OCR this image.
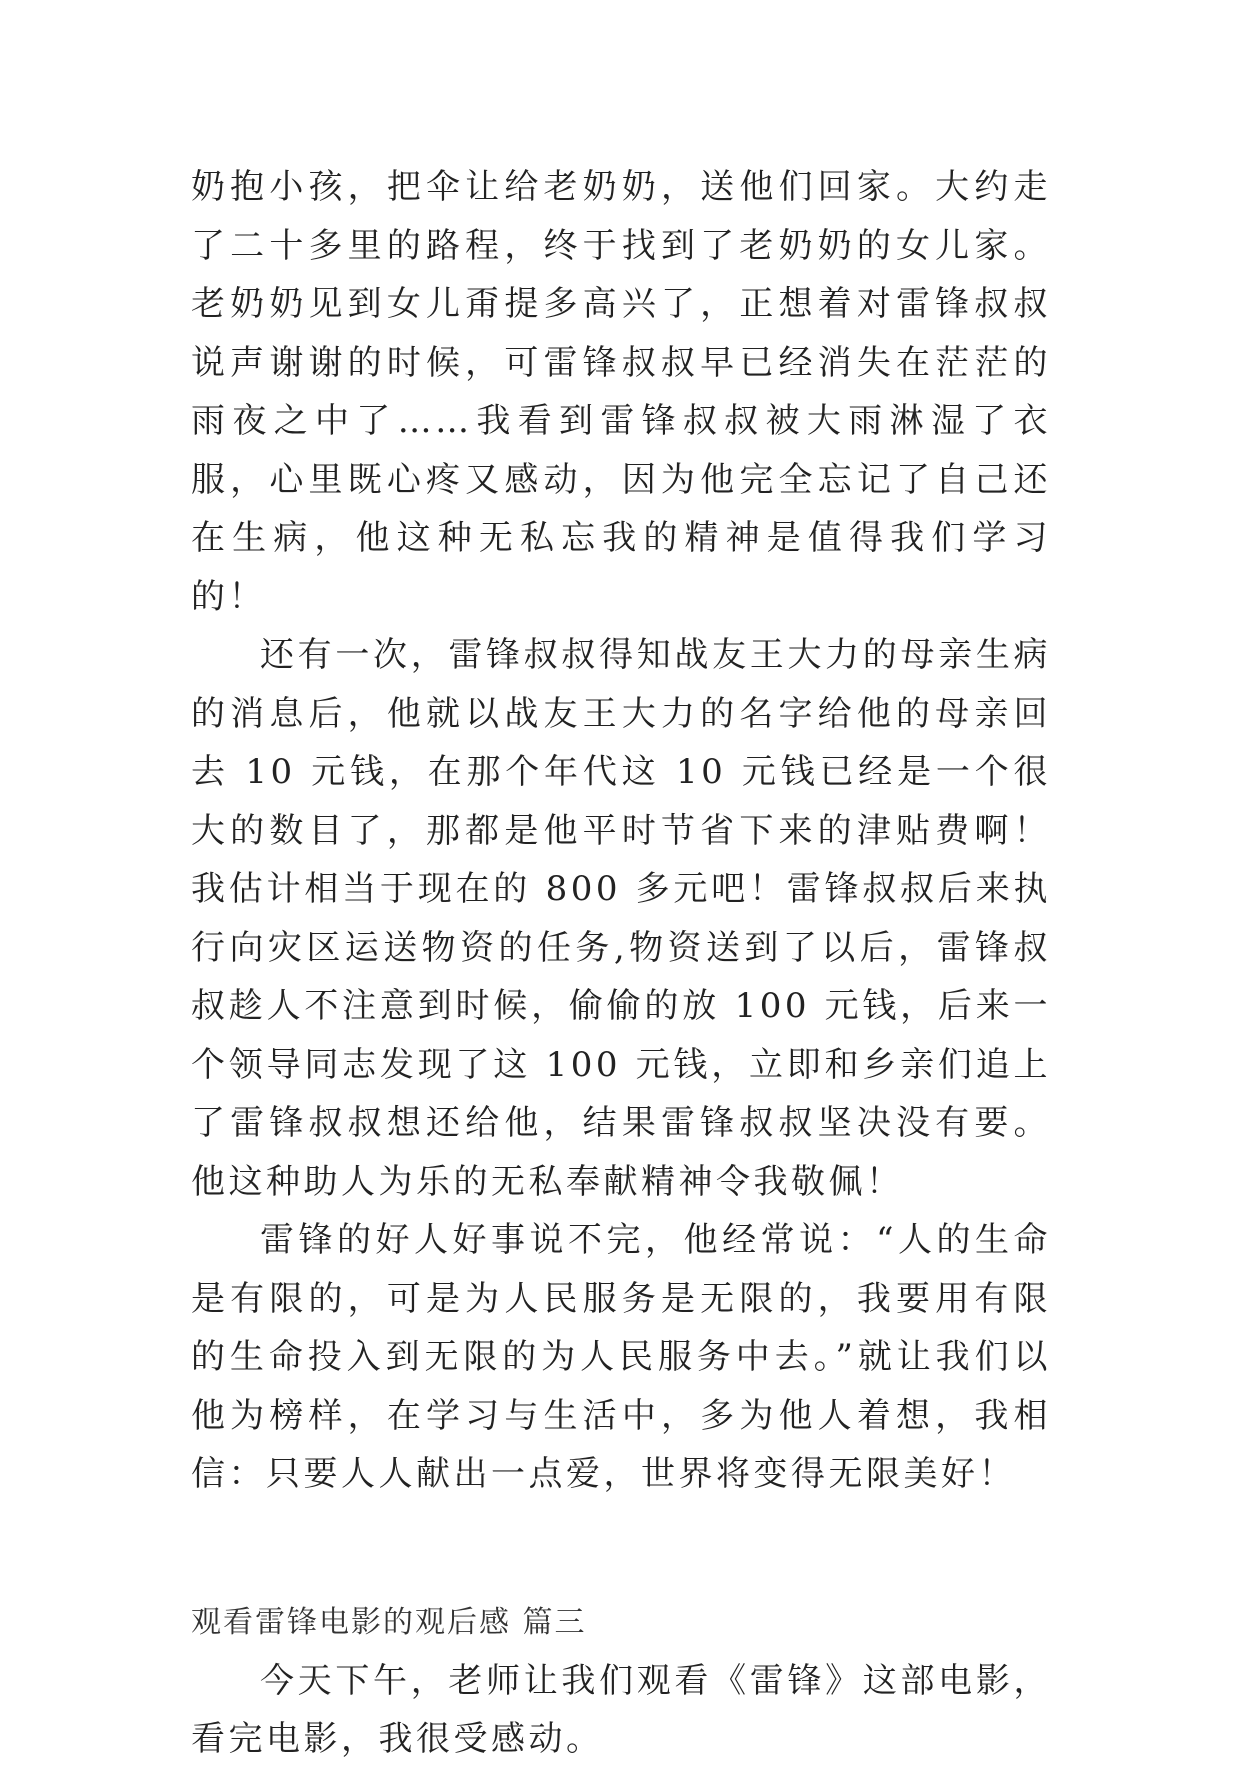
奶抱小孩，把伞让给老奶奶，送他们回家。大约走了二十多里的路程，终于找到了老奶奶的女儿家。老奶奶见到女儿甭提多高兴了，正想着对雷锋叔叔说声谢谢的时候，可雷锋叔叔早已经消失在茫茫的雨夜之中了……我看到雷锋叔叔被大雨淋湿了衣服，心里既心疼又感动，因为他完全忘记了自己还在生病，他这种无私忘我的精神是值得我们学习的！

还有一次，雷锋叔叔得知战友王大力的母亲生病的消息后，他就以战友王大力的名字给他的母亲回去 10 元钱，在那个年代这 10 元钱已经是一个很大的数目了，那都是他平时节省下来的津贴费啊！我估计相当于现在的 800 多元吧！雷锋叔叔后来执行向灾区运送物资的任务,物资送到了以后，雷锋叔叔趁人不注意到时候，偷偷的放 100 元钱，后来一个领导同志发现了这 100 元钱，立即和乡亲们追上了雷锋叔叔想还给他，结果雷锋叔叔坚决没有要。他这种助人为乐的无私奉献精神令我敬佩！

雷锋的好人好事说不完，他经常说：“人的生命是有限的，可是为人民服务是无限的，我要用有限的生命投入到无限的为人民服务中去。”就让我们以他为榜样，在学习与生活中，多为他人着想，我相信：只要人人献出一点爱，世界将变得无限美好！

观看雷锋电影的观后感 篇三

今天下午，老师让我们观看《雷锋》这部电影，看完电影，我很受感动。
